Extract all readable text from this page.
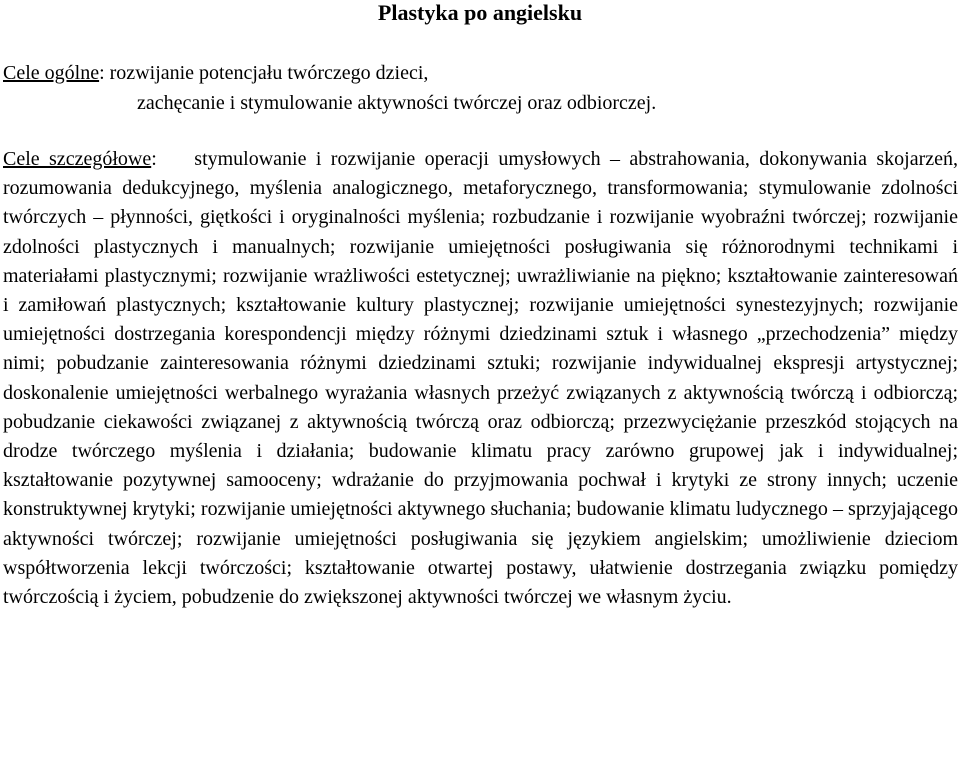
Plastyka po angielsku
Cele ogólne: rozwijanie potencjału twórczego dzieci,
zachęcanie i stymulowanie aktywności twórczej oraz odbiorczej.
Cele szczegółowe: stymulowanie i rozwijanie operacji umysłowych – abstrahowania, dokonywania skojarzeń, rozumowania dedukcyjnego, myślenia analogicznego, metaforycznego, transformowania; stymulowanie zdolności twórczych – płynności, giętkości i oryginalności myślenia; rozbudzanie i rozwijanie wyobraźni twórczej; rozwijanie zdolności plastycznych i manualnych; rozwijanie umiejętności posługiwania się różnorodnymi technikami i materiałami plastycznymi; rozwijanie wrażliwości estetycznej; uwrażliwianie na piękno; kształtowanie zainteresowań i zamiłowań plastycznych; kształtowanie kultury plastycznej; rozwijanie umiejętności synestezyjnych; rozwijanie umiejętności dostrzegania korespondencji między różnymi dziedzinami sztuk i własnego „przechodzenia” między nimi; pobudzanie zainteresowania różnymi dziedzinami sztuki; rozwijanie indywidualnej ekspresji artystycznej; doskonalenie umiejętności werbalnego wyrażania własnych przeżyć związanych z aktywnością twórczą i odbiorczą; pobudzanie ciekawości związanej z aktywnością twórczą oraz odbiorczą; przezwyciężanie przeszkód stojących na drodze twórczego myślenia i działania; budowanie klimatu pracy zarówno grupowej jak i indywidualnej; kształtowanie pozytywnej samooceny; wdrażanie do przyjmowania pochwał i krytyki ze strony innych; uczenie konstruktywnej krytyki; rozwijanie umiejętności aktywnego słuchania; budowanie klimatu ludycznego – sprzyjającego aktywności twórczej; rozwijanie umiejętności posługiwania się językiem angielskim; umożliwienie dzieciom współtworzenia lekcji twórczości; kształtowanie otwartej postawy, ułatwienie dostrzegania związku pomiędzy twórczością i życiem, pobudzenie do zwiększonej aktywności twórczej we własnym życiu.
